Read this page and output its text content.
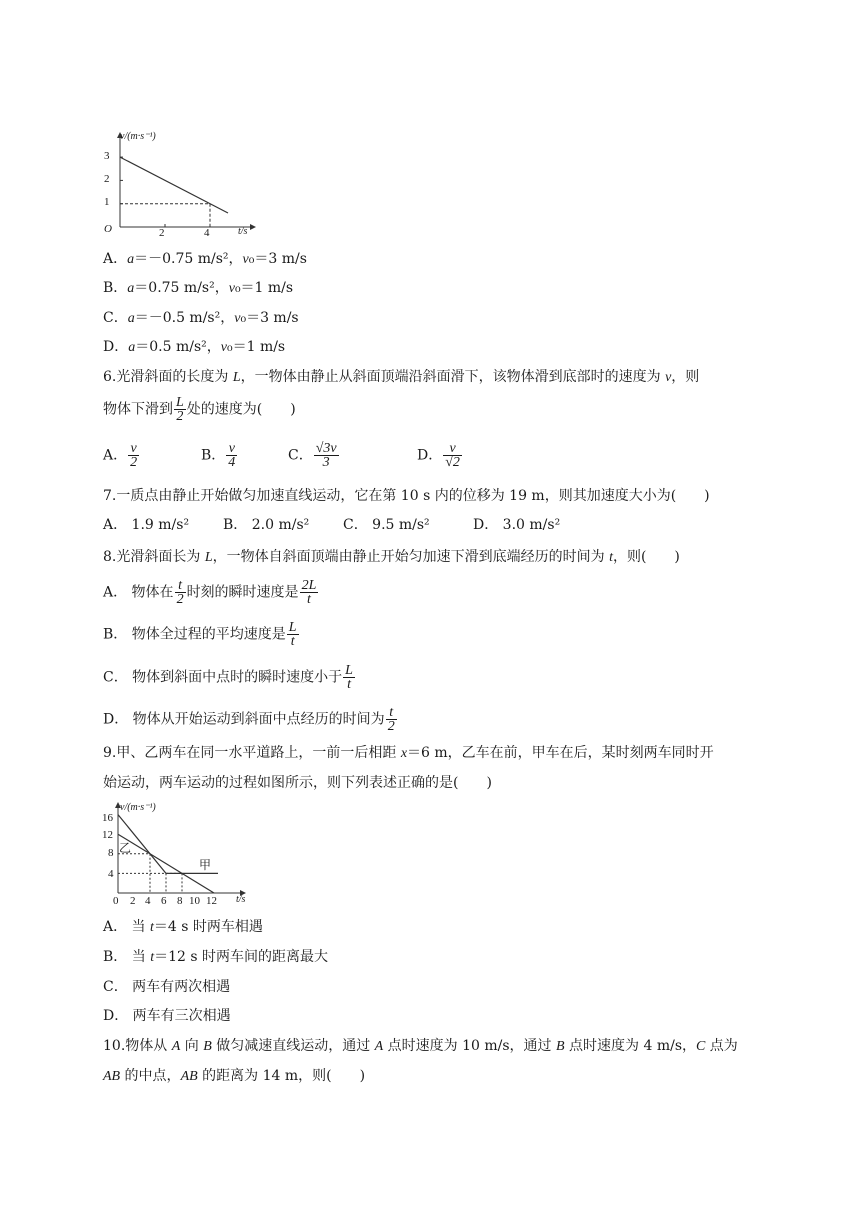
v/(m·s⁻¹)
t/s
O
3
2
1
2	4
A．a＝－0.75 m/s²，v₀＝3 m/s
B．a＝0.75 m/s²，v₀＝1 m/s
C．a＝－0.5 m/s²，v₀＝3 m/s
D．a＝0.5 m/s²，v₀＝1 m/s
6.光滑斜面的长度为 L，一物体由静止从斜面顶端沿斜面滑下，该物体滑到底部时的速度为 v，则
物体下滑到 $\frac{L}{2}$ 处的速度为(　　)
A． $\frac{v}{2}$	B． $\frac{v}{4}$	C． $\frac{√3v}{3}$	D． $\frac{v}{√2}$
7.一质点由静止开始做匀加速直线运动，它在第 10 s 内的位移为 19 m，则其加速度大小为(　　)
A． 1.9 m/s² B． 2.0 m/s² C． 9.5 m/s²	D． 3.0 m/s²
8.光滑斜面长为 L，一物体自斜面顶端由静止开始匀加速下滑到底端经历的时间为 t，则(　　)
A． 物体在 $\frac{t}{2}$ 时刻的瞬时速度是 $\frac{2L}{t}$
B． 物体全过程的平均速度是 $\frac{L}{t}$
C． 物体到斜面中点时的瞬时速度小于 $\frac{L}{t}$
D． 物体从开始运动到斜面中点经历的时间为 $\frac{t}{2}$
9.甲、乙两车在同一水平道路上，一前一后相距 x＝6 m，乙车在前，甲车在后，某时刻两车同时开
始运动，两车运动的过程如图所示，则下列表述正确的是(　　)
v/(m·s⁻¹)
t/s
16
12
8
4
0 2 4 6 8 10 12
甲
乙
A． 当 t＝4 s 时两车相遇
B． 当 t＝12 s 时两车间的距离最大
C． 两车有两次相遇
D． 两车有三次相遇
10.物体从 A 向 B 做匀减速直线运动，通过 A 点时速度为 10 m/s，通过 B 点时速度为 4 m/s，C 点为
AB 的中点，AB 的距离为 14 m，则(　　)
